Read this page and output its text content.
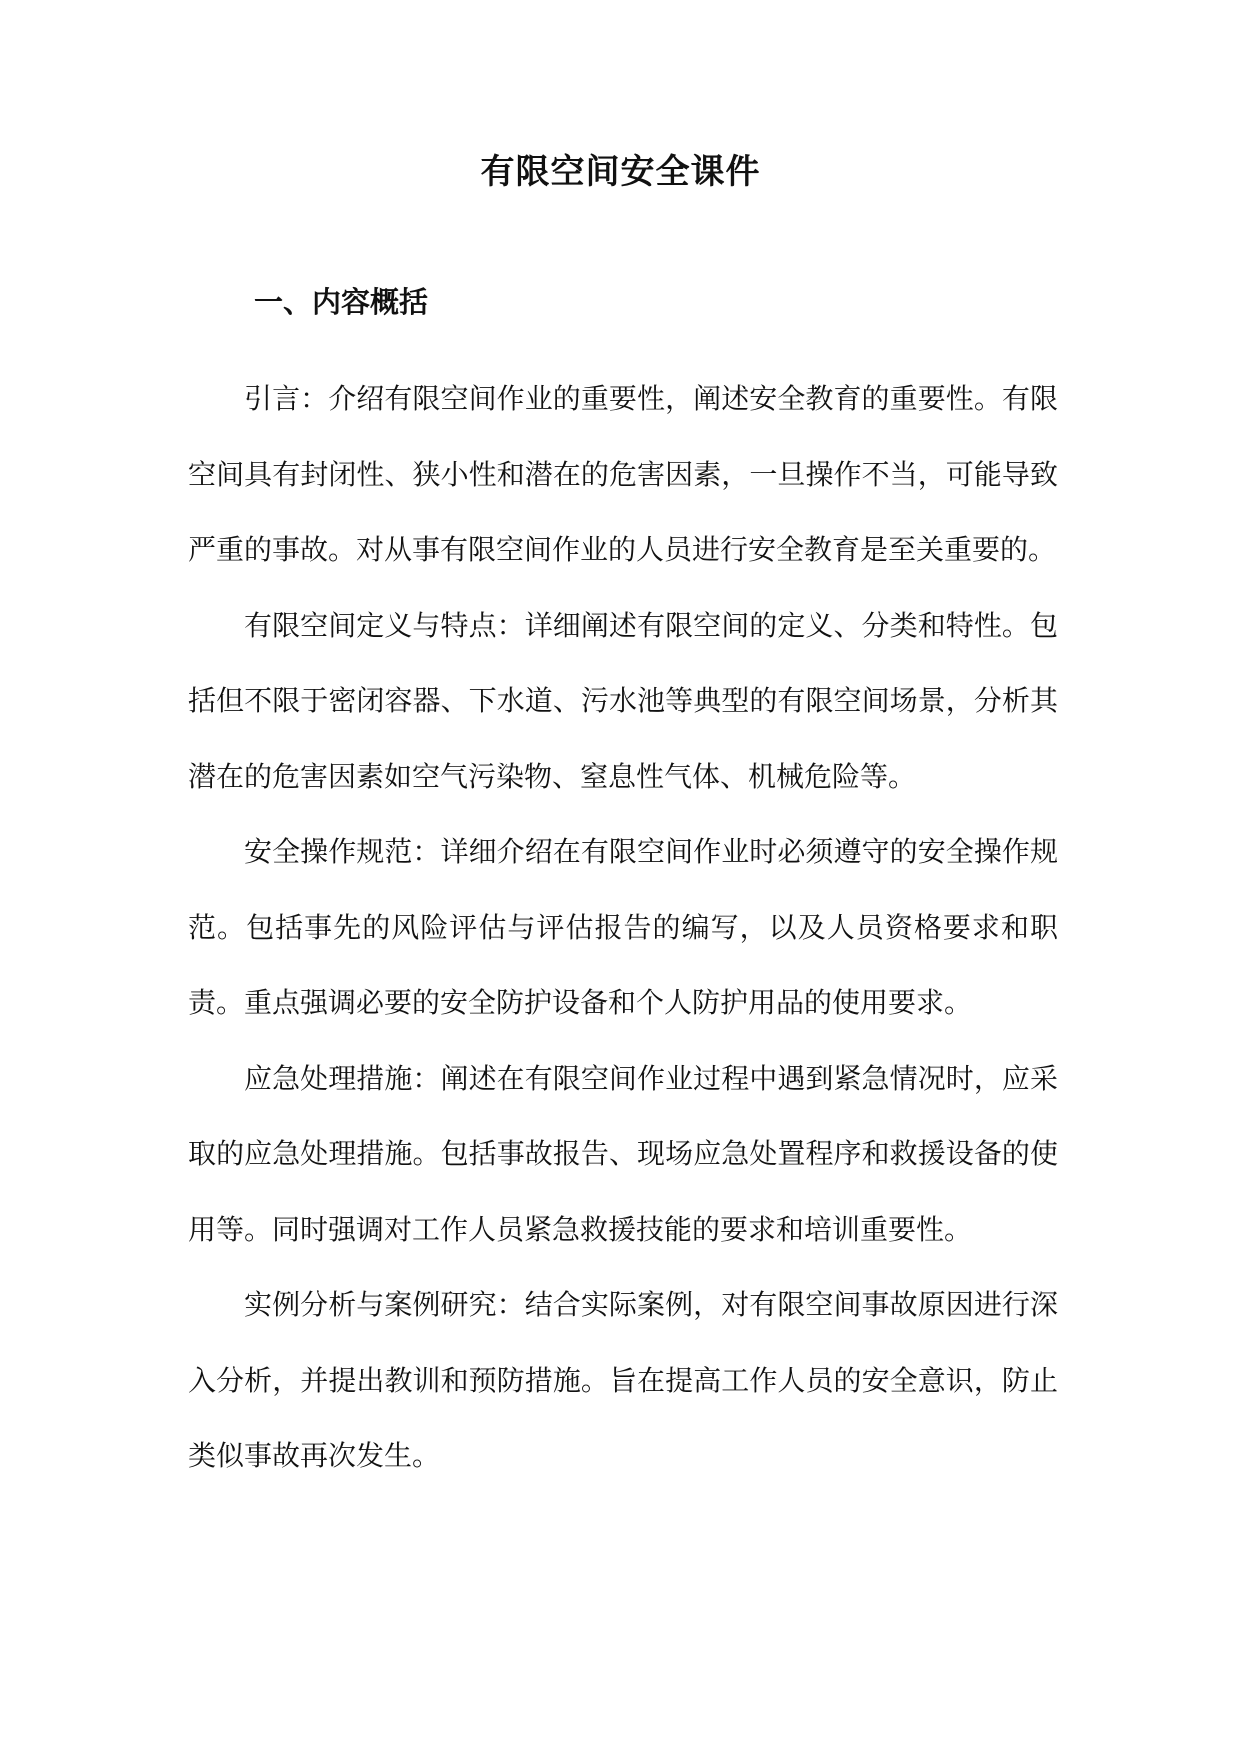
有限空间安全课件
一、内容概括

引言：介绍有限空间作业的重要性，阐述安全教育的重要性。有限空间具有封闭性、狭小性和潜在的危害因素，一旦操作不当，可能导致严重的事故。对从事有限空间作业的人员进行安全教育是至关重要的。

有限空间定义与特点：详细阐述有限空间的定义、分类和特性。包括但不限于密闭容器、下水道、污水池等典型的有限空间场景，分析其潜在的危害因素如空气污染物、窒息性气体、机械危险等。

安全操作规范：详细介绍在有限空间作业时必须遵守的安全操作规范。包括事先的风险评估与评估报告的编写，以及人员资格要求和职责。重点强调必要的安全防护设备和个人防护用品的使用要求。

应急处理措施：阐述在有限空间作业过程中遇到紧急情况时，应采取的应急处理措施。包括事故报告、现场应急处置程序和救援设备的使用等。同时强调对工作人员紧急救援技能的要求和培训重要性。

实例分析与案例研究：结合实际案例，对有限空间事故原因进行深入分析，并提出教训和预防措施。旨在提高工作人员的安全意识，防止类似事故再次发生。
